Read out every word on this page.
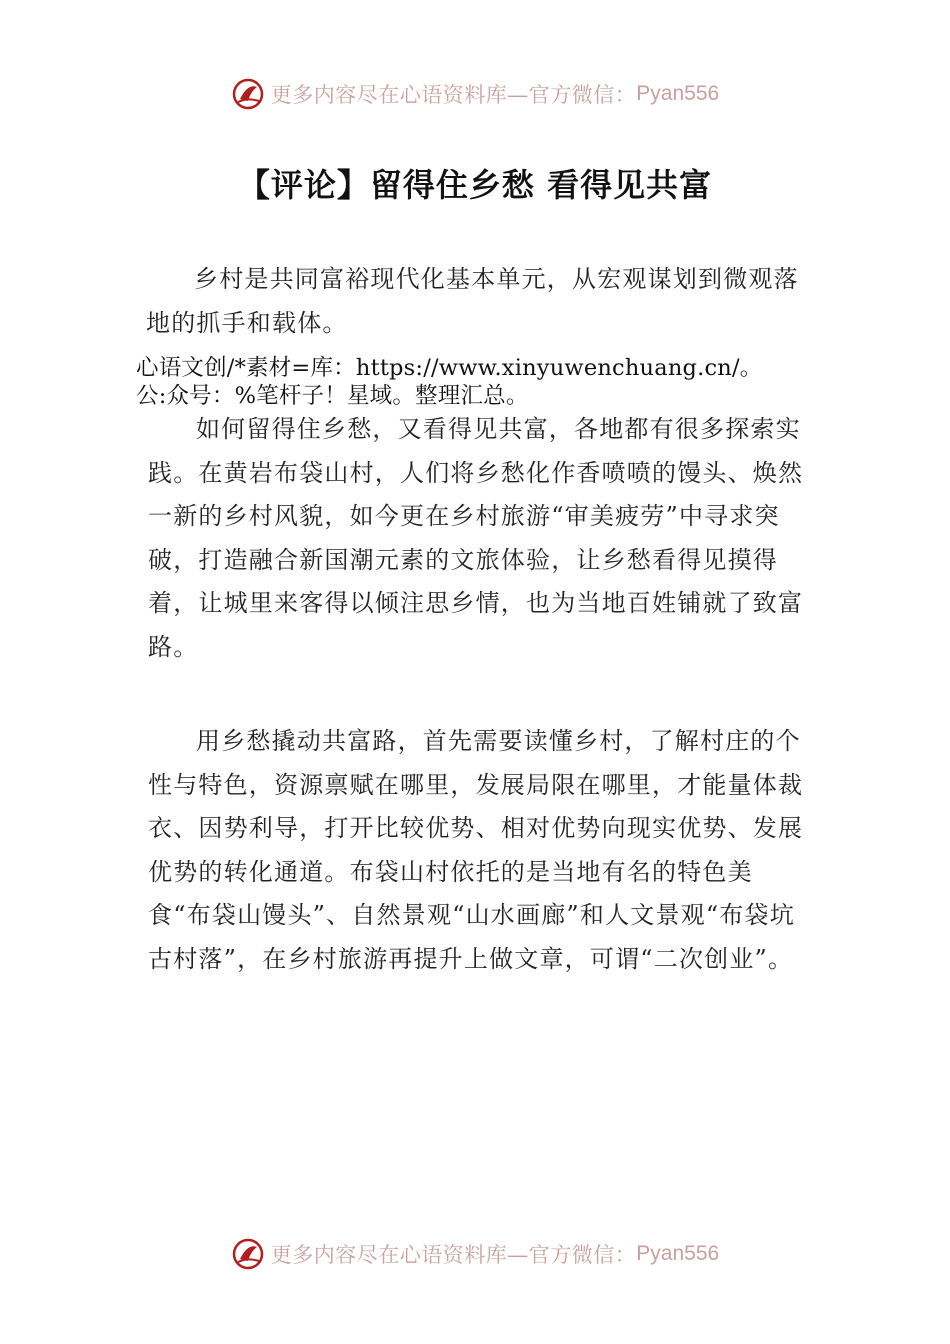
更多内容尽在心语资料库—官方微信： Pyan556
【评论】留得住乡愁 看得见共富

乡村是共同富裕现代化基本单元，从宏观谋划到微观落地的抓手和载体。

心语文创/*素材=库：https://www.xinyuwenchuang.cn/。

公:众号：%笔杆子！星域。整理汇总。

如何留得住乡愁，又看得见共富，各地都有很多探索实践。在黄岩布袋山村，人们将乡愁化作香喷喷的馒头、焕然一新的乡村风貌，如今更在乡村旅游“审美疲劳”中寻求突破，打造融合新国潮元素的文旅体验，让乡愁看得见摸得着，让城里来客得以倾注思乡情，也为当地百姓铺就了致富路。

用乡愁撬动共富路，首先需要读懂乡村，了解村庄的个性与特色，资源禀赋在哪里，发展局限在哪里，才能量体裁衣、因势利导，打开比较优势、相对优势向现实优势、发展优势的转化通道。布袋山村依托的是当地有名的特色美食“布袋山馒头”、自然景观“山水画廊”和人文景观“布袋坑古村落”，在乡村旅游再提升上做文章，可谓“二次创业”。

更多内容尽在心语资料库—官方微信： Pyan556
